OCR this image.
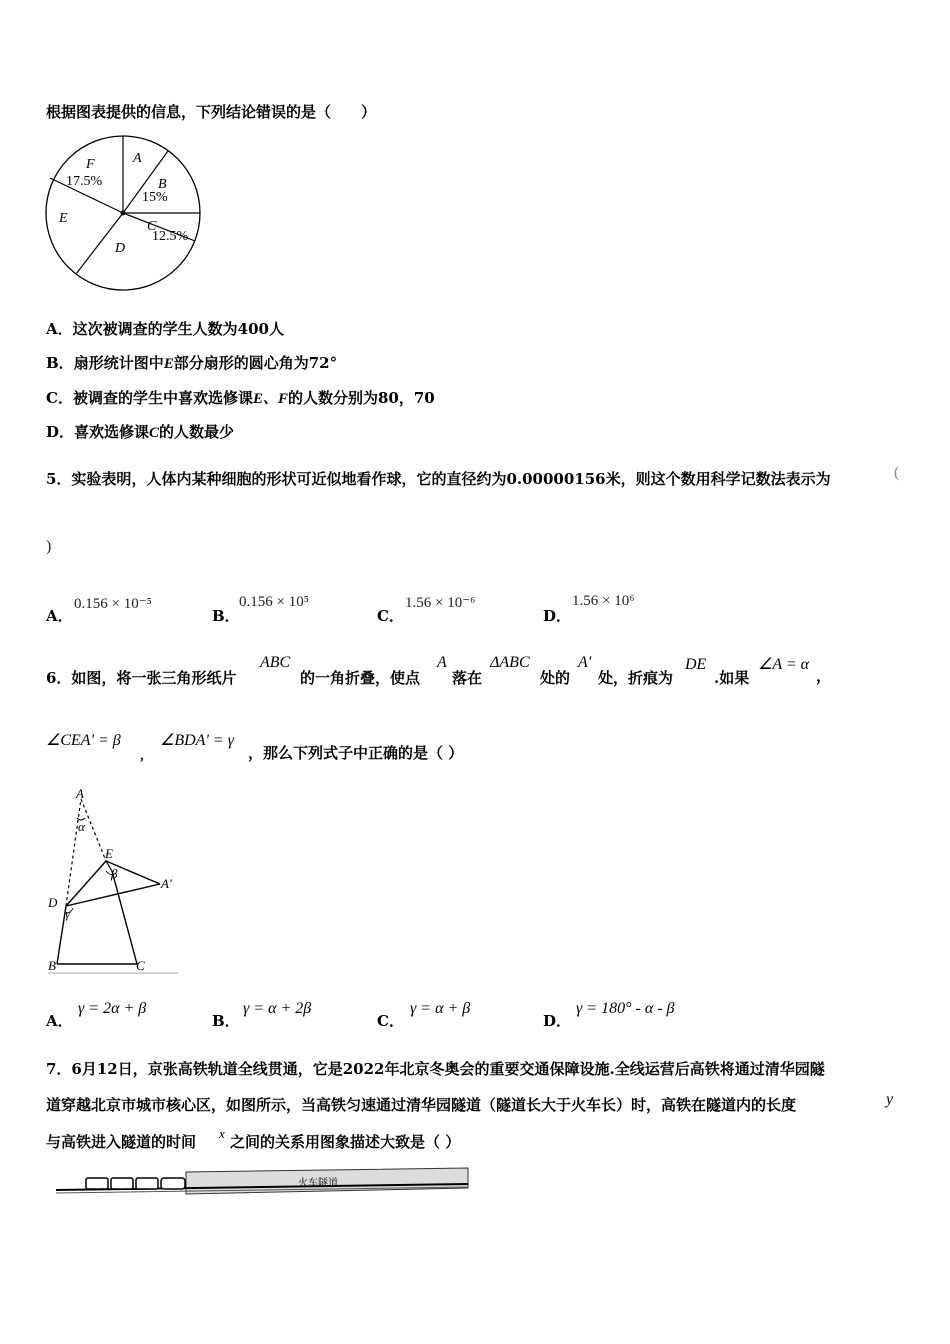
根据图表提供的信息，下列结论错误的是（　　）
A
B
15%
C
12.5%
D
E
F
17.5%
A．这次被调查的学生人数为400人
B．扇形统计图中E部分扇形的圆心角为72°
C．被调查的学生中喜欢选修课E、F的人数分别为80，70
D．喜欢选修课C的人数最少
5．实验表明，人体内某种细胞的形状可近似地看作球，它的直径约为0.00000156米，则这个数用科学记数法表示为	(
)
A．
0.156 × 10⁻⁵
B．
0.156 × 10⁵
C．
1.56 × 10⁻⁶
D．
1.56 × 10⁶
6．如图，将一张三角形纸片
ABC
的一角折叠，使点
A
落在
ΔABC
处的
A'
处，折痕为
DE
.如果
∠A = α
，
∠CEA' = β
，
∠BDA' = γ
，那么下列式子中正确的是（ ）
A
α
E
β
A'
D
γ
B	C
A．
γ = 2α + β
B．
γ = α + 2β
C．
γ = α + β
D．
γ = 180° - α - β
7．6月12日，京张高铁轨道全线贯通，它是2022年北京冬奥会的重要交通保障设施.全线运营后高铁将通过清华园隧
道穿越北京市城市核心区，如图所示，当高铁匀速通过清华园隧道（隧道长大于火车长）时，高铁在隧道内的长度	y
与高铁进入隧道的时间 x 之间的关系用图象描述大致是（ ）
火车隧道
